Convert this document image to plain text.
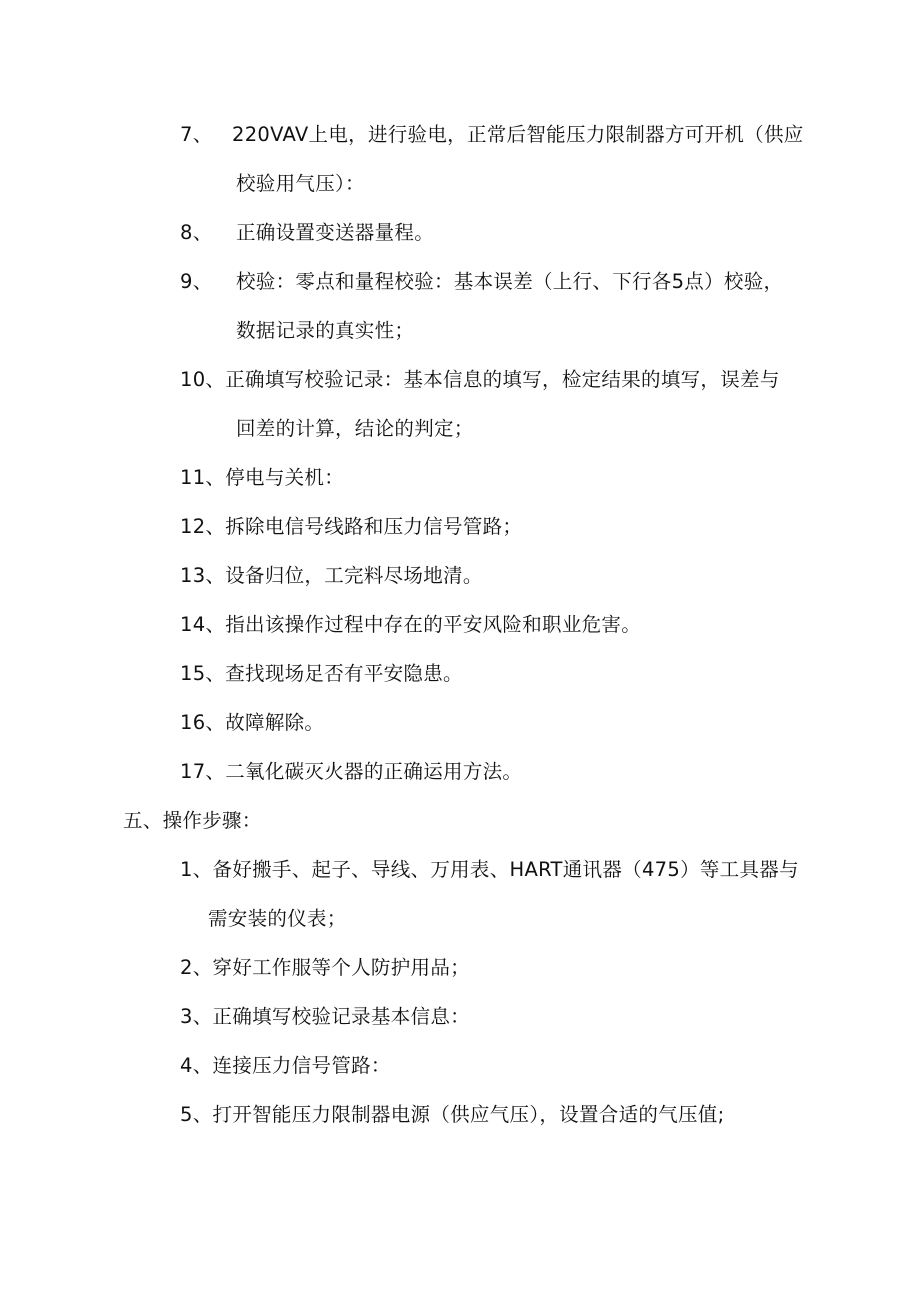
7、 220VAV上电，进行验电，正常后智能压力限制器方可开机（供应
校验用气压）：
8、 正确设置变送器量程。
9、 校验：零点和量程校验：基本误差（上行、下行各5点）校验，
数据记录的真实性；
10、正确填写校验记录：基本信息的填写，检定结果的填写，误差与
回差的计算，结论的判定；
11、停电与关机：
12、拆除电信号线路和压力信号管路；
13、设备归位，工完料尽场地清。
14、指出该操作过程中存在的平安风险和职业危害。
15、查找现场足否有平安隐患。
16、故障解除。
17、二氧化碳灭火器的正确运用方法。
五、操作步骤：
1、备好搬手、起子、导线、万用表、HART通讯器（475）等工具器与
需安装的仪表；
2、穿好工作服等个人防护用品；
3、正确填写校验记录基本信息：
4、连接压力信号管路：
5、打开智能压力限制器电源（供应气压），设置合适的气压值;
